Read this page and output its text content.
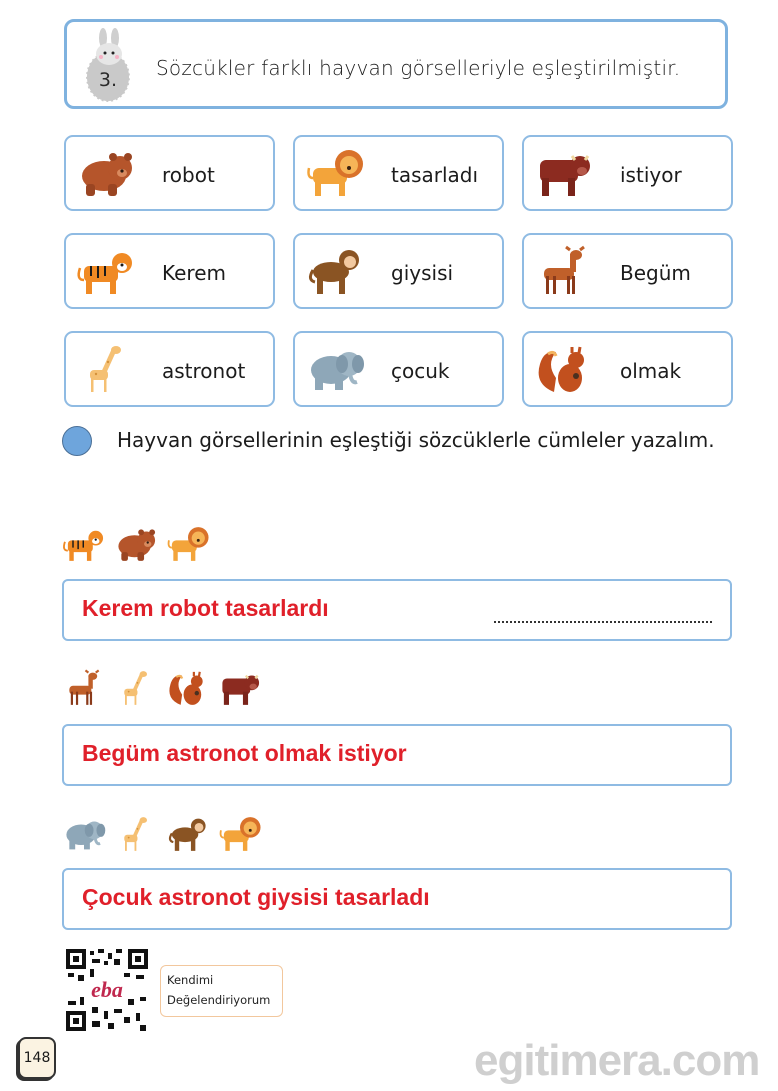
3. Sözcükler farklı hayvan görselleriyle eşleştirilmiştir.
robot	tasarladı	istiyor
Kerem	giysisi	Begüm
astronot	çocuk	olmak
Hayvan görsellerinin eşleştiği sözcüklerle cümleler yazalım.
Kerem robot tasarlardı
Begüm astronot olmak istiyor
Çocuk astronot giysisi tasarladı
eba	Kendimi
Değelendiriyorum
148	egitimera.com
